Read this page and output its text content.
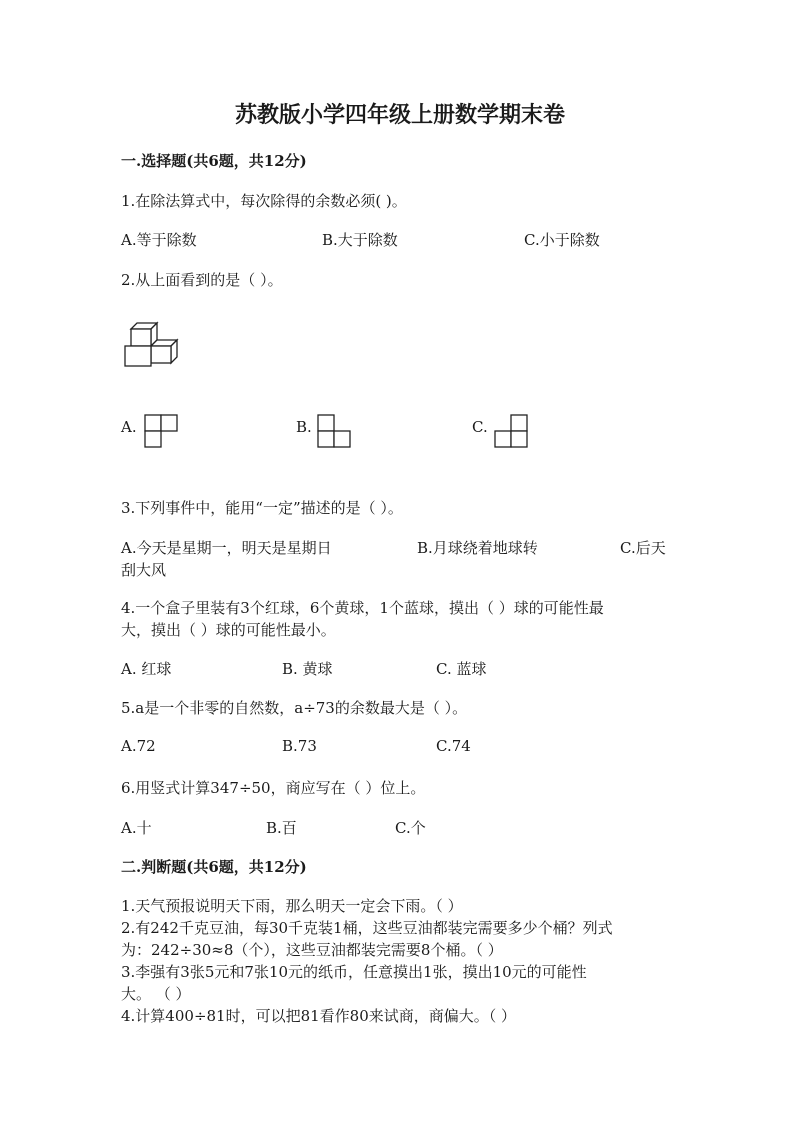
苏教版小学四年级上册数学期末卷
一.选择题(共6题，共12分)
1.在除法算式中，每次除得的余数必须( )。
A.等于除数	B.大于除数	C.小于除数
2.从上面看到的是（ ）。
A.	B.	C.
3.下列事件中，能用“一定”描述的是（ ）。
A.今天是星期一，明天是星期日	B.月球绕着地球转	C.后天
刮大风
4.一个盒子里装有3个红球，6个黄球，1个蓝球，摸出（ ）球的可能性最
大，摸出（ ）球的可能性最小。
A. 红球	B. 黄球	C. 蓝球
5.a是一个非零的自然数，a÷73的余数最大是（ ）。
A.72	B.73	C.74
6.用竖式计算347÷50，商应写在（ ）位上。
A.十	B.百	C.个
二.判断题(共6题，共12分)
1.天气预报说明天下雨，那么明天一定会下雨。（ ）
2.有242千克豆油，每30千克装1桶，这些豆油都装完需要多少个桶？列式
为：242÷30≈8（个），这些豆油都装完需要8个桶。（ ）
3.李强有3张5元和7张10元的纸币，任意摸出1张，摸出10元的可能性
大。 （ ）
4.计算400÷81时，可以把81看作80来试商，商偏大。（ ）
